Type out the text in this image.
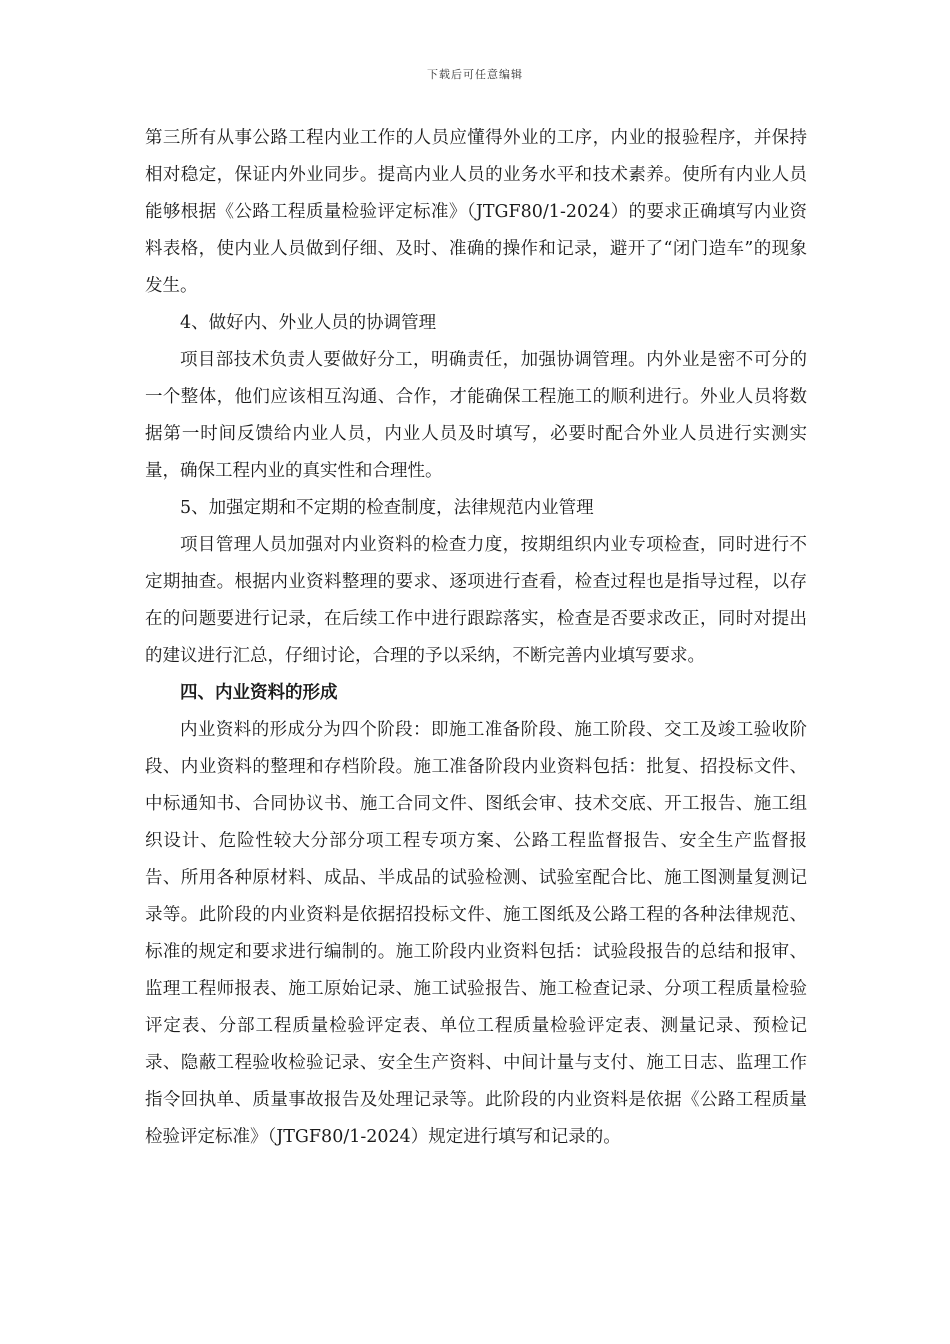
下载后可任意编辑

第三所有从事公路工程内业工作的人员应懂得外业的工序，内业的报验程序，并保持相对稳定，保证内外业同步。提高内业人员的业务水平和技术素养。使所有内业人员能够根据《公路工程质量检验评定标准》（JTGF80/1-2024）的要求正确填写内业资料表格，使内业人员做到仔细、及时、准确的操作和记录，避开了“闭门造车”的现象发生。

4、做好内、外业人员的协调管理

项目部技术负责人要做好分工，明确责任，加强协调管理。内外业是密不可分的一个整体，他们应该相互沟通、合作，才能确保工程施工的顺利进行。外业人员将数据第一时间反馈给内业人员，内业人员及时填写，必要时配合外业人员进行实测实量，确保工程内业的真实性和合理性。

5、加强定期和不定期的检查制度，法律规范内业管理

项目管理人员加强对内业资料的检查力度，按期组织内业专项检查，同时进行不定期抽查。根据内业资料整理的要求、逐项进行查看，检查过程也是指导过程，以存在的问题要进行记录，在后续工作中进行跟踪落实，检查是否要求改正，同时对提出的建议进行汇总，仔细讨论，合理的予以采纳，不断完善内业填写要求。

四、内业资料的形成

内业资料的形成分为四个阶段：即施工准备阶段、施工阶段、交工及竣工验收阶段、内业资料的整理和存档阶段。施工准备阶段内业资料包括：批复、招投标文件、中标通知书、合同协议书、施工合同文件、图纸会审、技术交底、开工报告、施工组织设计、危险性较大分部分项工程专项方案、公路工程监督报告、安全生产监督报告、所用各种原材料、成品、半成品的试验检测、试验室配合比、施工图测量复测记录等。此阶段的内业资料是依据招投标文件、施工图纸及公路工程的各种法律规范、标准的规定和要求进行编制的。施工阶段内业资料包括：试验段报告的总结和报审、监理工程师报表、施工原始记录、施工试验报告、施工检查记录、分项工程质量检验评定表、分部工程质量检验评定表、单位工程质量检验评定表、测量记录、预检记录、隐蔽工程验收检验记录、安全生产资料、中间计量与支付、施工日志、监理工作指令回执单、质量事故报告及处理记录等。此阶段的内业资料是依据《公路工程质量检验评定标准》（JTGF80/1-2024）规定进行填写和记录的。
